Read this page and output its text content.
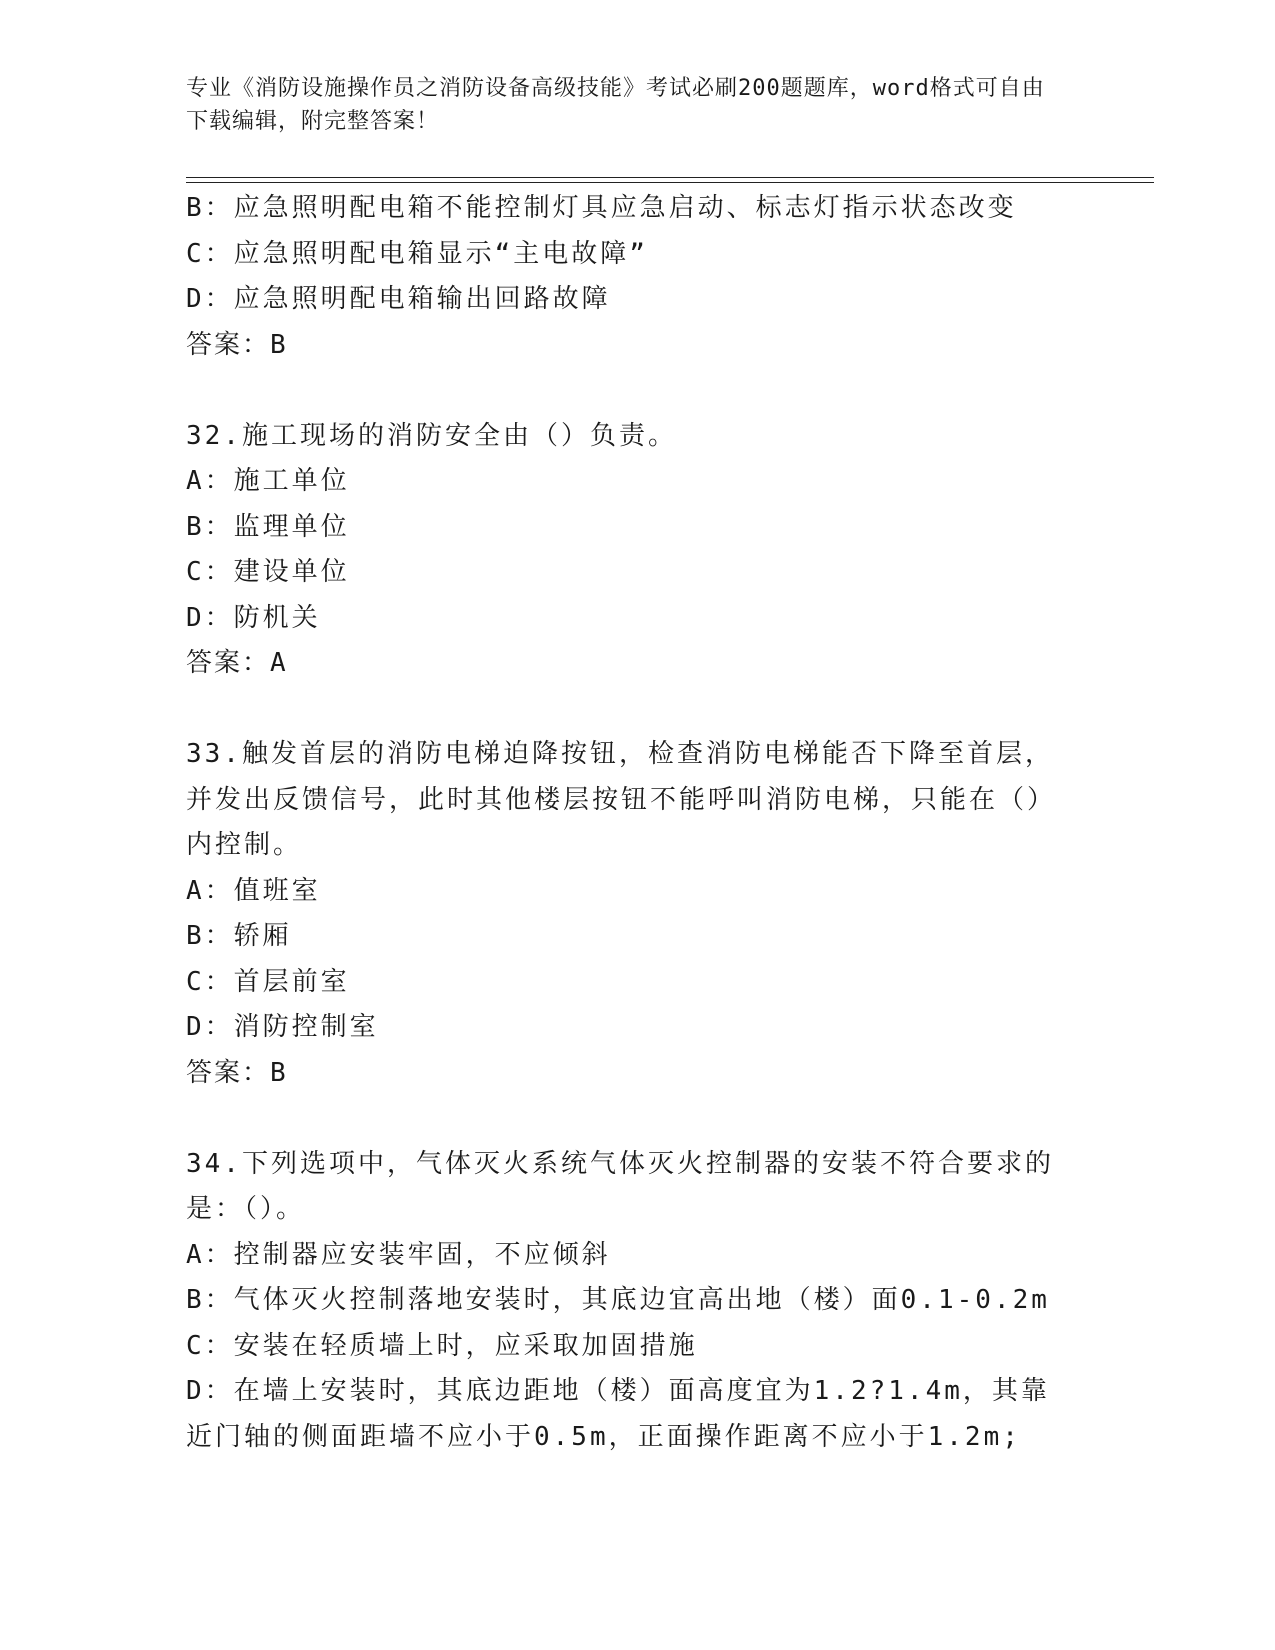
专业《消防设施操作员之消防设备高级技能》考试必刷200题题库，word格式可自由下载编辑，附完整答案！
B：应急照明配电箱不能控制灯具应急启动、标志灯指示状态改变
C：应急照明配电箱显示“主电故障”
D：应急照明配电箱输出回路故障
答案：B
32.施工现场的消防安全由（）负责。
A：施工单位
B：监理单位
C：建设单位
D：防机关
答案：A
33.触发首层的消防电梯迫降按钮，检查消防电梯能否下降至首层，并发出反馈信号，此时其他楼层按钮不能呼叫消防电梯，只能在（）内控制。
A：值班室
B：轿厢
C：首层前室
D：消防控制室
答案：B
34.下列选项中，气体灭火系统气体灭火控制器的安装不符合要求的是：（）。
A：控制器应安装牢固，不应倾斜
B：气体灭火控制落地安装时，其底边宜高出地（楼）面0.1-0.2m
C：安装在轻质墙上时，应采取加固措施
D：在墙上安装时，其底边距地（楼）面高度宜为1.2?1.4m，其靠近门轴的侧面距墙不应小于0.5m，正面操作距离不应小于1.2m;
